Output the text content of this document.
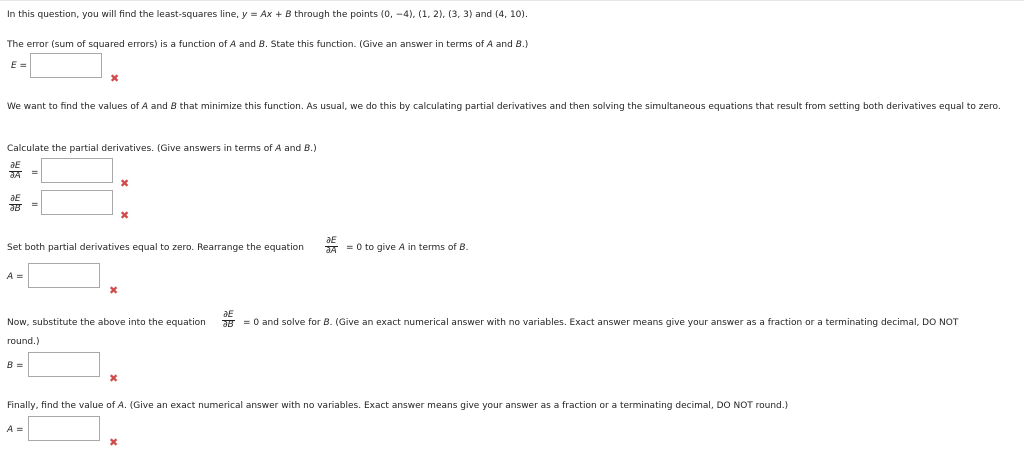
In this question, you will find the least-squares line, y = Ax + B through the points (0, −4), (1, 2), (3, 3) and (4, 10).
The error (sum of squared errors) is a function of A and B. State this function. (Give an answer in terms of A and B.)
E =
✖
We want to find the values of A and B that minimize this function. As usual, we do this by calculating partial derivatives and then solving the simultaneous equations that result from setting both derivatives equal to zero.
Calculate the partial derivatives. (Give answers in terms of A and B.)
$\frac{\partial E}{\partial A}$ =
✖
$\frac{\partial E}{\partial B}$ =
✖
Set both partial derivatives equal to zero. Rearrange the equation $\frac{\partial E}{\partial A} = 0$ to give A in terms of B.
A =
✖
Now, substitute the above into the equation $\frac{\partial E}{\partial B} = 0$ and solve for B. (Give an exact numerical answer with no variables. Exact answer means give your answer as a fraction or a terminating decimal, DO NOT
round.)
B =
✖
Finally, find the value of A. (Give an exact numerical answer with no variables. Exact answer means give your answer as a fraction or a terminating decimal, DO NOT round.)
A =
✖
